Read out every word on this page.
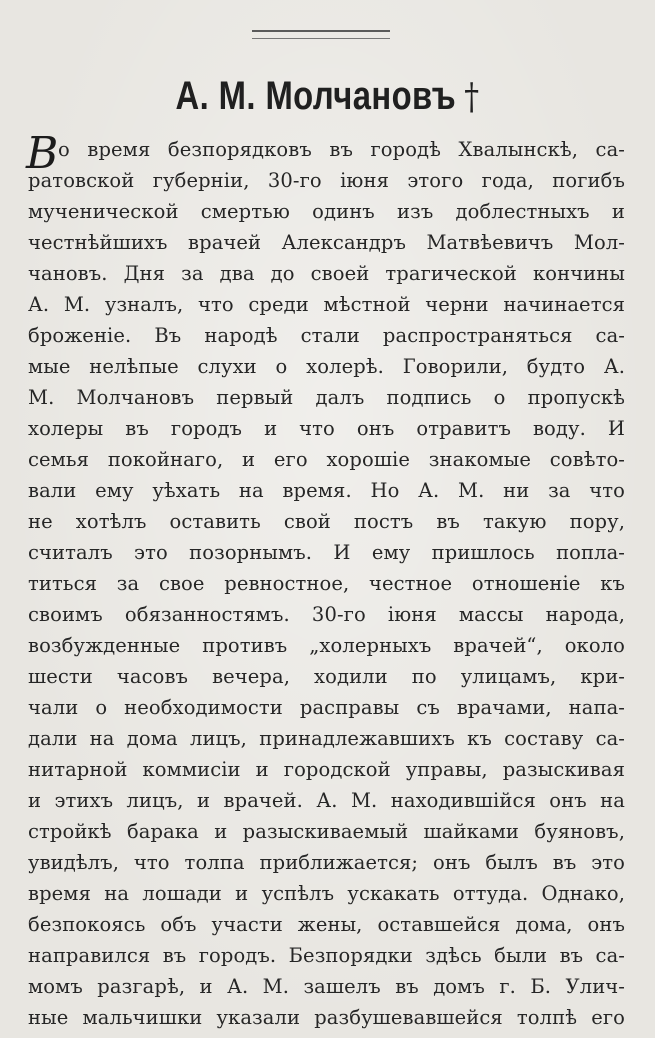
А. М. Молчановъ †
В о время безпорядковъ въ городѣ Хвалынскѣ, са-
ратовской губерніи, 30-го іюня этого года, погибъ
мученической смертью одинъ изъ доблестныхъ и
честнѣйшихъ врачей Александръ Матвѣевичъ Мол-
чановъ. Дня за два до своей трагической кончины
А. М. узналъ, что среди мѣстной черни начинается
броженіе. Въ народѣ стали распространяться са-
мые нелѣпые слухи о холерѣ. Говорили, будто А.
М. Молчановъ первый далъ подпись о пропускѣ
холеры въ городъ и что онъ отравитъ воду. И
семья покойнаго, и его хорошіе знакомые совѣто-
вали ему уѣхать на время. Но А. М. ни за что
не хотѣлъ оставить свой постъ въ такую пору,
считалъ это позорнымъ. И ему пришлось попла-
титься за свое ревностное, честное отношеніе къ
своимъ обязанностямъ. 30-го іюня массы народа,
возбужденные противъ „холерныхъ врачей“, около
шести часовъ вечера, ходили по улицамъ, кри-
чали о необходимости расправы съ врачами, напа-
дали на дома лицъ, принадлежавшихъ къ составу са-
нитарной коммисіи и городской управы, разыскивая
и этихъ лицъ, и врачей. А. М. находившійся онъ на
стройкѣ барака и разыскиваемый шайками буяновъ,
увидѣлъ, что толпа приближается; онъ былъ въ это
время на лошади и успѣлъ ускакать оттуда. Однако,
безпокоясь объ участи жены, оставшейся дома, онъ
направился въ городъ. Безпорядки здѣсь были въ са-
момъ разгарѣ, и А. М. зашелъ въ домъ г. Б. Улич-
ные мальчишки указали разбушевавшейся толпѣ его
